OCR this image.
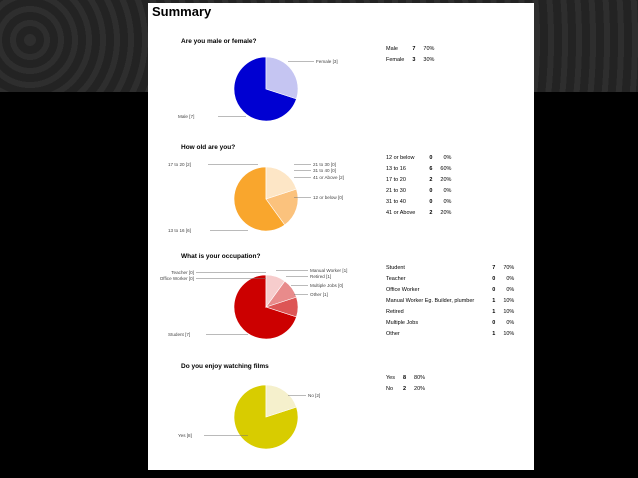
Summary
Are you male or female?
Male [7]
Female [3]
Male	7	70%
Female	3	30%
How old are you?
13 to 16 [6]
17 to 20 [2]
41 or Above [2]
12 or below [0]
21 to 30 [0]
31 to 40 [0]
12 or below	0	0%
13 to 16	6	60%
17 to 20	2	20%
21 to 30	0	0%
31 to 40	0	0%
41 or Above	2	20%
What is your occupation?
Student [7]
Manual Worker [1]
Retired [1]
Other [1]
Teacher [0]
Office Worker [0]
Multiple Jobs [0]
Student	7	70%
Teacher	0	0%
Office Worker	0	0%
Manual Worker Eg. Builder, plumber	1	10%
Retired	1	10%
Multiple Jobs	0	0%
Other	1	10%
Do you enjoy watching films
Yes [8]
No [2]
Yes	8	80%
No	2	20%
